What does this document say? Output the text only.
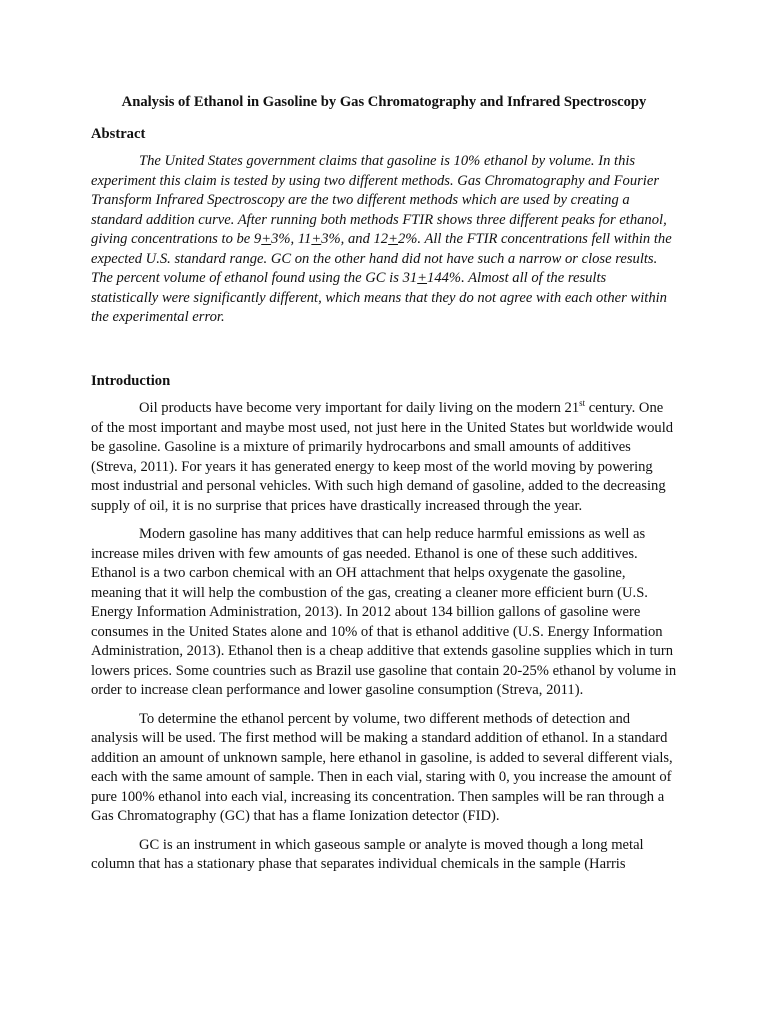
Analysis of Ethanol in Gasoline by Gas Chromatography and Infrared Spectroscopy
Abstract

The United States government claims that gasoline is 10% ethanol by volume. In this experiment this claim is tested by using two different methods. Gas Chromatography and Fourier Transform Infrared Spectroscopy are the two different methods which are used by creating a standard addition curve. After running both methods FTIR shows three different peaks for ethanol, giving concentrations to be 9+3%, 11+3%, and 12+2%. All the FTIR concentrations fell within the expected U.S. standard range. GC on the other hand did not have such a narrow or close results. The percent volume of ethanol found using the GC is 31+144%. Almost all of the results statistically were significantly different, which means that they do not agree with each other within the experimental error.

Introduction

Oil products have become very important for daily living on the modern 21st century. One of the most important and maybe most used, not just here in the United States but worldwide would be gasoline. Gasoline is a mixture of primarily hydrocarbons and small amounts of additives (Streva, 2011). For years it has generated energy to keep most of the world moving by powering most industrial and personal vehicles. With such high demand of gasoline, added to the decreasing supply of oil, it is no surprise that prices have drastically increased through the year.

Modern gasoline has many additives that can help reduce harmful emissions as well as increase miles driven with few amounts of gas needed. Ethanol is one of these such additives. Ethanol is a two carbon chemical with an OH attachment that helps oxygenate the gasoline, meaning that it will help the combustion of the gas, creating a cleaner more efficient burn (U.S. Energy Information Administration, 2013). In 2012 about 134 billion gallons of gasoline were consumes in the United States alone and 10% of that is ethanol additive (U.S. Energy Information Administration, 2013). Ethanol then is a cheap additive that extends gasoline supplies which in turn lowers prices. Some countries such as Brazil use gasoline that contain 20-25% ethanol by volume in order to increase clean performance and lower gasoline consumption (Streva, 2011).

To determine the ethanol percent by volume, two different methods of detection and analysis will be used. The first method will be making a standard addition of ethanol. In a standard addition an amount of unknown sample, here ethanol in gasoline, is added to several different vials, each with the same amount of sample. Then in each vial, staring with 0, you increase the amount of pure 100% ethanol into each vial, increasing its concentration. Then samples will be ran through a Gas Chromatography (GC) that has a flame Ionization detector (FID).

GC is an instrument in which gaseous sample or analyte is moved though a long metal column that has a stationary phase that separates individual chemicals in the sample (Harris
